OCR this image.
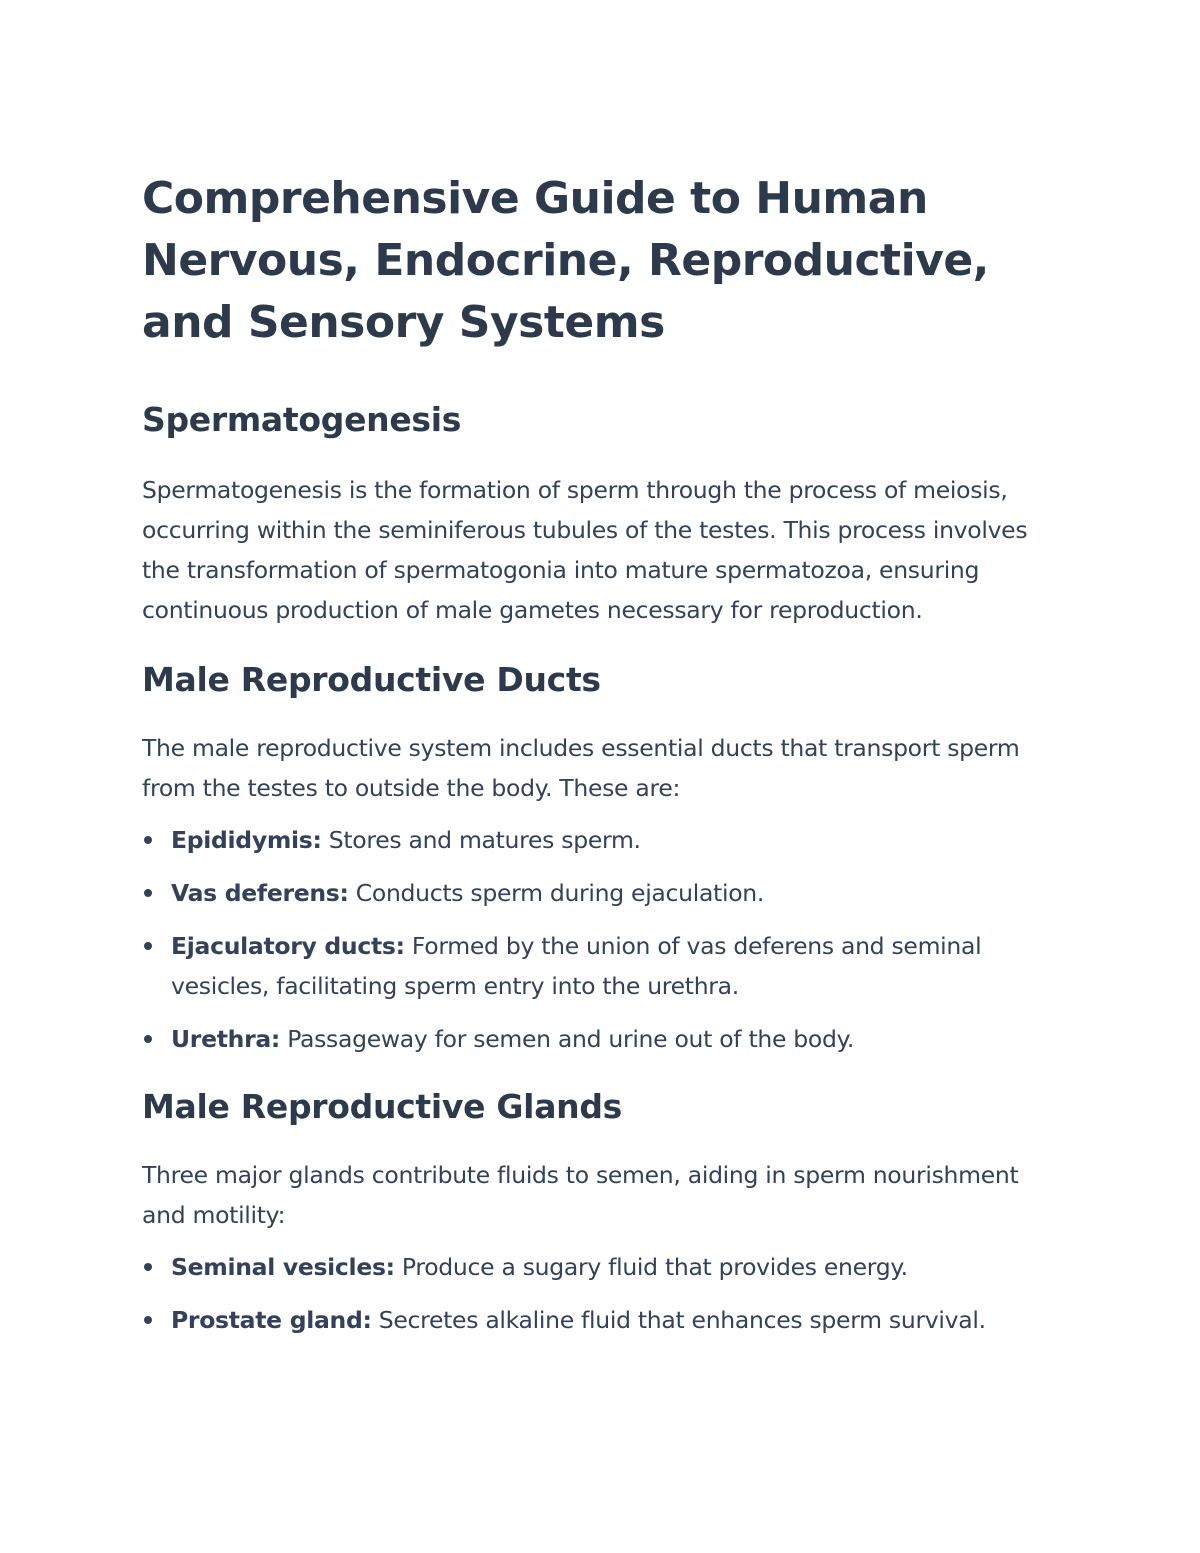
Comprehensive Guide to Human Nervous, Endocrine, Reproductive, and Sensory Systems
Spermatogenesis

Spermatogenesis is the formation of sperm through the process of meiosis, occurring within the seminiferous tubules of the testes. This process involves the transformation of spermatogonia into mature spermatozoa, ensuring continuous production of male gametes necessary for reproduction.

Male Reproductive Ducts

The male reproductive system includes essential ducts that transport sperm from the testes to outside the body. These are:

Epididymis: Stores and matures sperm.
Vas deferens: Conducts sperm during ejaculation.
Ejaculatory ducts: Formed by the union of vas deferens and seminal vesicles, facilitating sperm entry into the urethra.
Urethra: Passageway for semen and urine out of the body.
Male Reproductive Glands

Three major glands contribute fluids to semen, aiding in sperm nourishment and motility:

Seminal vesicles: Produce a sugary fluid that provides energy.
Prostate gland: Secretes alkaline fluid that enhances sperm survival.
